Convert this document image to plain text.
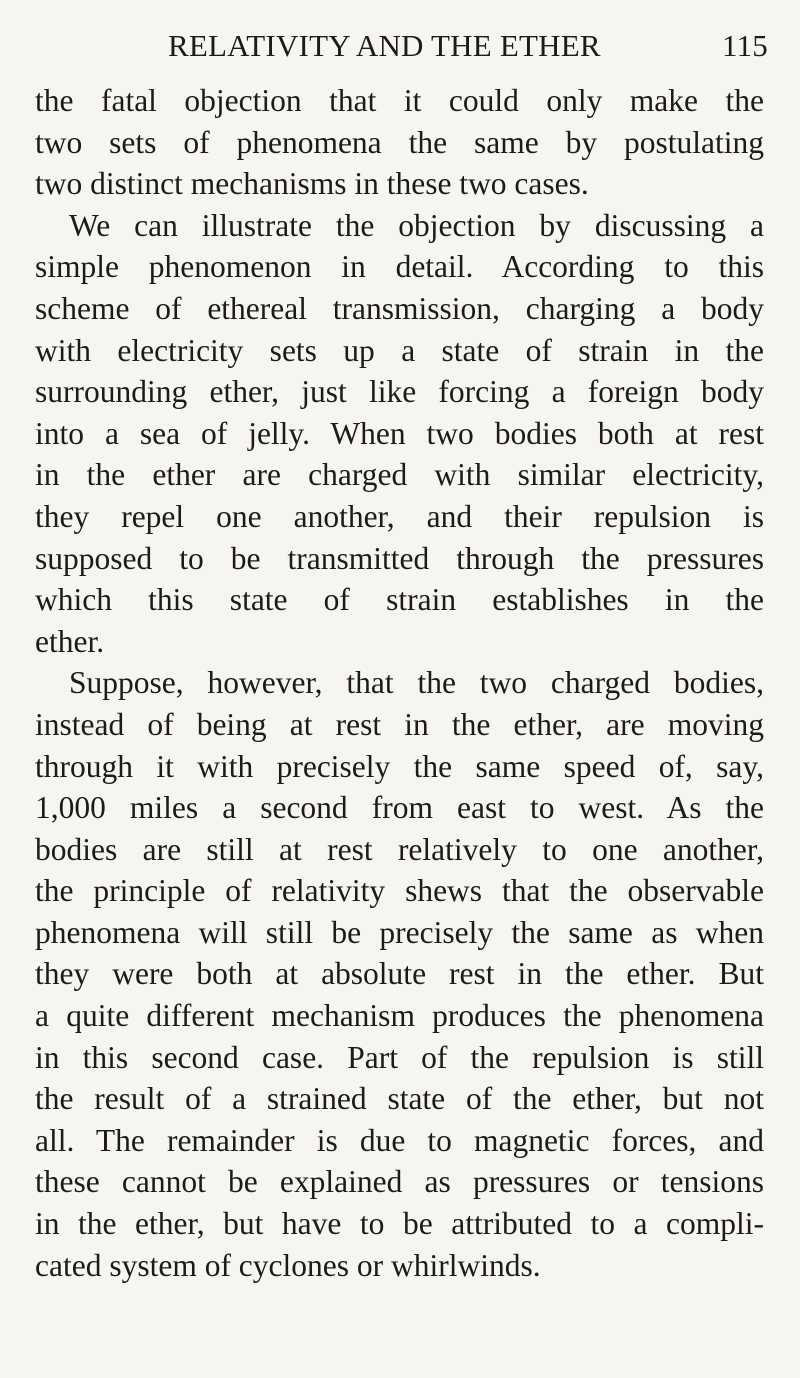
RELATIVITY AND THE ETHER	115
the fatal objection that it could only make the
two sets of phenomena the same by postulating
two distinct mechanisms in these two cases.
We can illustrate the objection by discussing a
simple phenomenon in detail. According to this
scheme of ethereal transmission, charging a body
with electricity sets up a state of strain in the
surrounding ether, just like forcing a foreign body
into a sea of jelly. When two bodies both at rest
in the ether are charged with similar electricity,
they repel one another, and their repulsion is
supposed to be transmitted through the pressures
which this state of strain establishes in the
ether.
Suppose, however, that the two charged bodies,
instead of being at rest in the ether, are moving
through it with precisely the same speed of, say,
1,000 miles a second from east to west. As the
bodies are still at rest relatively to one another,
the principle of relativity shews that the observable
phenomena will still be precisely the same as when
they were both at absolute rest in the ether. But
a quite different mechanism produces the phenomena
in this second case. Part of the repulsion is still
the result of a strained state of the ether, but not
all. The remainder is due to magnetic forces, and
these cannot be explained as pressures or tensions
in the ether, but have to be attributed to a compli-
cated system of cyclones or whirlwinds.
